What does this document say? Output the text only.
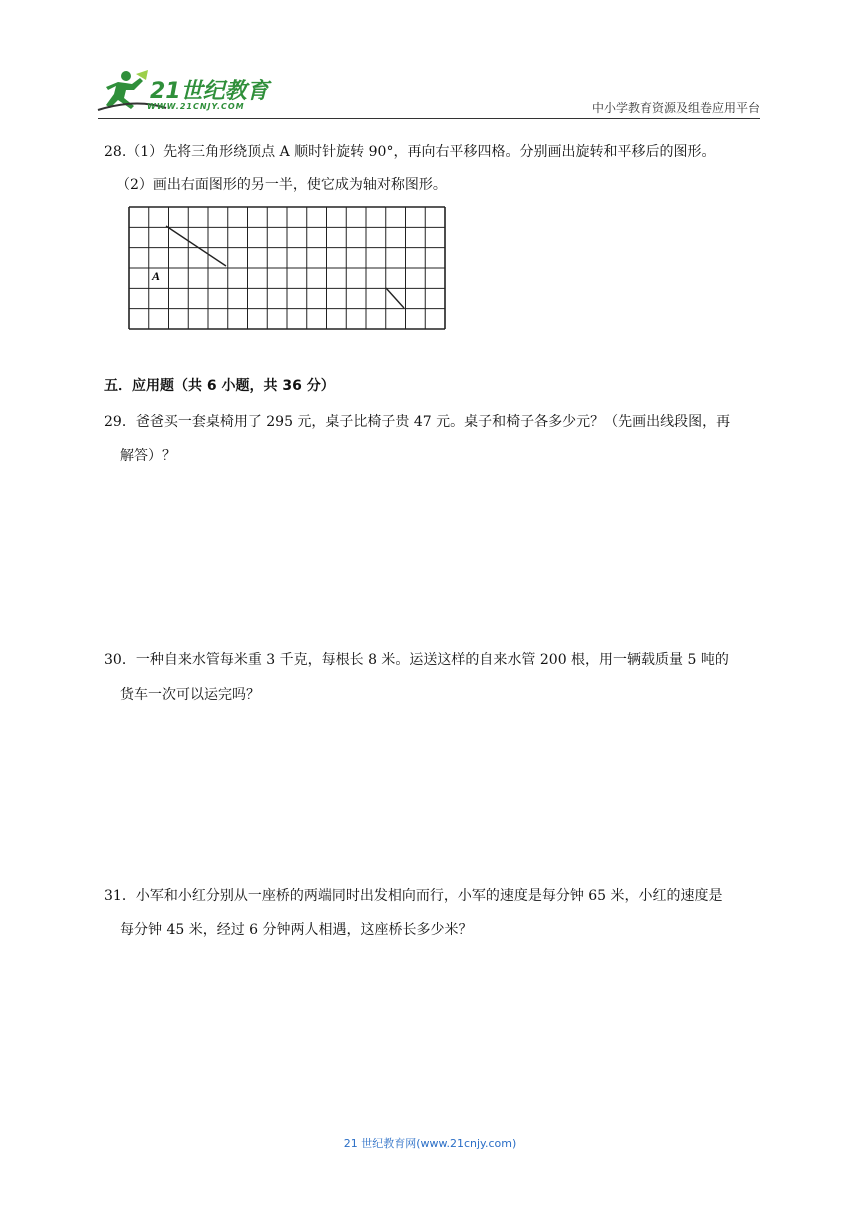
21世纪教育
WWW.21CNJY.COM	中小学教育资源及组卷应用平台
28.（1）先将三角形绕顶点 A 顺时针旋转 90°，再向右平移四格。分别画出旋转和平移后的图形。
（2）画出右面图形的另一半，使它成为轴对称图形。
A
五．应用题（共 6 小题，共 36 分）
29．爸爸买一套桌椅用了 295 元，桌子比椅子贵 47 元。桌子和椅子各多少元？（先画出线段图，再
解答）？
30．一种自来水管每米重 3 千克，每根长 8 米。运送这样的自来水管 200 根，用一辆载质量 5 吨的
货车一次可以运完吗？
31．小军和小红分别从一座桥的两端同时出发相向而行，小军的速度是每分钟 65 米，小红的速度是
每分钟 45 米，经过 6 分钟两人相遇，这座桥长多少米？
21 世纪教育网(www.21cnjy.com)
